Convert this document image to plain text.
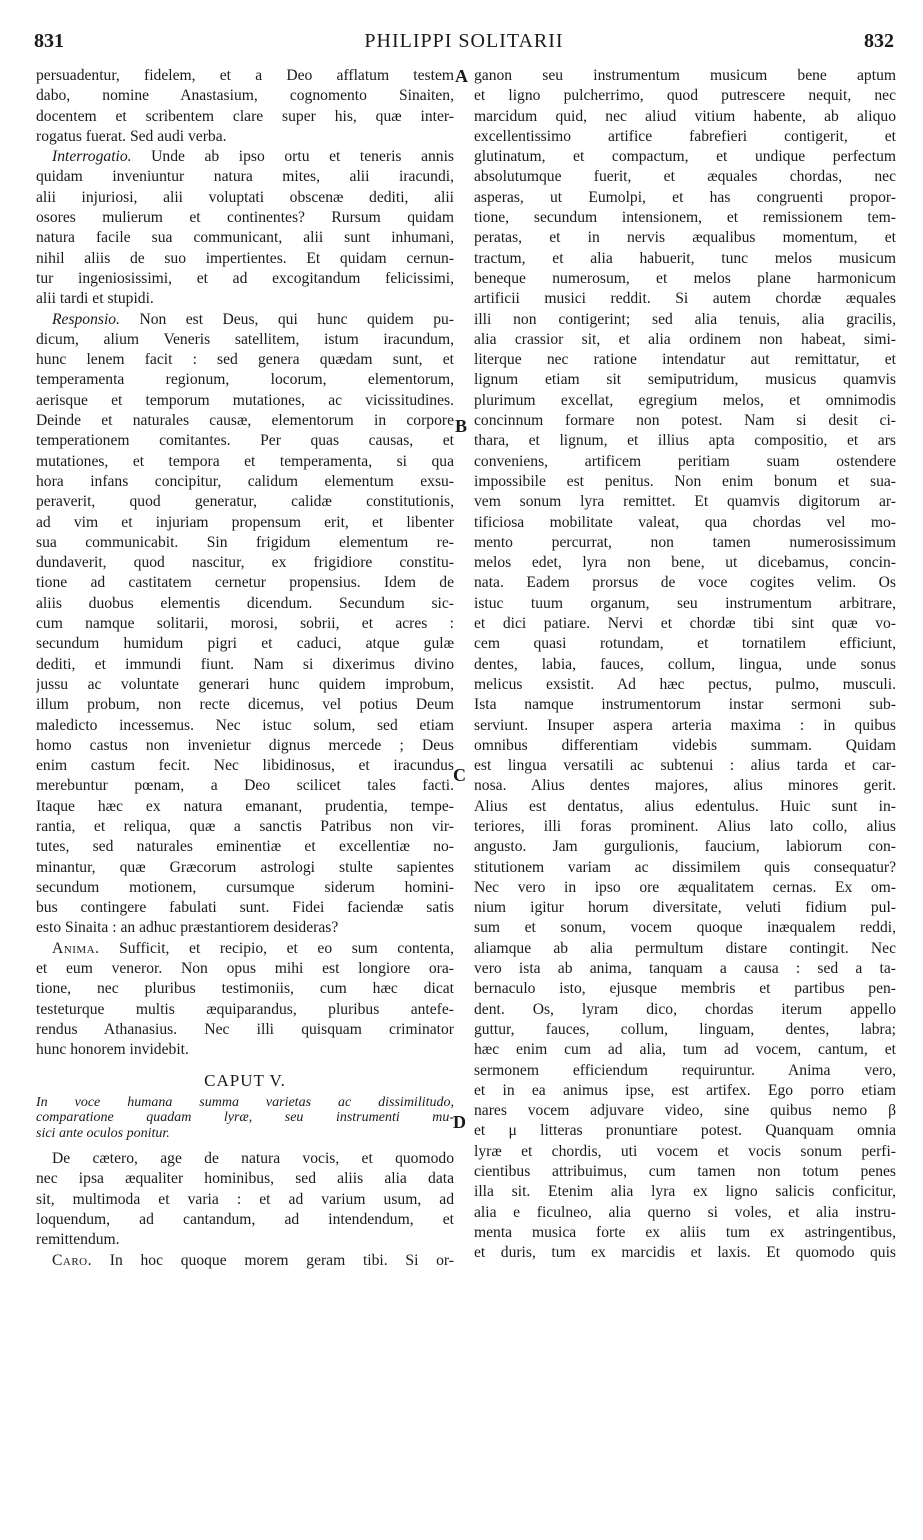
831	PHILIPPI SOLITARII	832
A
B
C
D
persuadentur, fidelem, et a Deo afflatum testem
dabo, nomine Anastasium, cognomento Sinaiten,
docentem et scribentem clare super his, quæ inter-
rogatus fuerat. Sed audi verba.
Interrogatio. Unde ab ipso ortu et teneris annis
quidam inveniuntur natura mites, alii iracundi,
alii injuriosi, alii voluptati obscenæ dediti, alii
osores mulierum et continentes? Rursum quidam
natura facile sua communicant, alii sunt inhumani,
nihil aliis de suo impertientes. Et quidam cernun-
tur ingeniosissimi, et ad excogitandum felicissimi,
alii tardi et stupidi.
Responsio. Non est Deus, qui hunc quidem pu-
dicum, alium Veneris satellitem, istum iracundum,
hunc lenem facit : sed genera quædam sunt, et
temperamenta regionum, locorum, elementorum,
aerisque et temporum mutationes, ac vicissitudines.
Deinde et naturales causæ, elementorum in corpore
temperationem comitantes. Per quas causas, et
mutationes, et tempora et temperamenta, si qua
hora infans concipitur, calidum elementum exsu-
peraverit, quod generatur, calidæ constitutionis,
ad vim et injuriam propensum erit, et libenter
sua communicabit. Sin frigidum elementum re-
dundaverit, quod nascitur, ex frigidiore constitu-
tione ad castitatem cernetur propensius. Idem de
aliis duobus elementis dicendum. Secundum sic-
cum namque solitarii, morosi, sobrii, et acres :
secundum humidum pigri et caduci, atque gulæ
dediti, et immundi fiunt. Nam si dixerimus divino
jussu ac voluntate generari hunc quidem improbum,
illum probum, non recte dicemus, vel potius Deum
maledicto incessemus. Nec istuc solum, sed etiam
homo castus non invenietur dignus mercede ; Deus
enim castum fecit. Nec libidinosus, et iracundus
merebuntur pœnam, a Deo scilicet tales facti.
Itaque hæc ex natura emanant, prudentia, tempe-
rantia, et reliqua, quæ a sanctis Patribus non vir-
tutes, sed naturales eminentiæ et excellentiæ no-
minantur, quæ Græcorum astrologi stulte sapientes
secundum motionem, cursumque siderum homini-
bus contingere fabulati sunt. Fidei faciendæ satis
esto Sinaita : an adhuc præstantiorem desideras?
Anima. Sufficit, et recipio, et eo sum contenta,
et eum veneror. Non opus mihi est longiore ora-
tione, nec pluribus testimoniis, cum hæc dicat
testeturque multis æquiparandus, pluribus antefe-
rendus Athanasius. Nec illi quisquam criminator
hunc honorem invidebit.
CAPUT V.
In voce humana summa varietas ac dissimilitudo,
comparatione quadam lyræ, seu instrumenti mu-
sici ante oculos ponitur.
De cætero, age de natura vocis, et quomodo
nec ipsa æqualiter hominibus, sed aliis alia data
sit, multimoda et varia : et ad varium usum, ad
loquendum, ad cantandum, ad intendendum, et
remittendum.
Caro. In hoc quoque morem geram tibi. Si or-
ganon seu instrumentum musicum bene aptum
et ligno pulcherrimo, quod putrescere nequit, nec
marcidum quid, nec aliud vitium habente, ab aliquo
excellentissimo artifice fabrefieri contigerit, et
glutinatum, et compactum, et undique perfectum
absolutumque fuerit, et æquales chordas, nec
asperas, ut Eumolpi, et has congruenti propor-
tione, secundum intensionem, et remissionem tem-
peratas, et in nervis æqualibus momentum, et
tractum, et alia habuerit, tunc melos musicum
beneque numerosum, et melos plane harmonicum
artificii musici reddit. Si autem chordæ æquales
illi non contigerint; sed alia tenuis, alia gracilis,
alia crassior sit, et alia ordinem non habeat, simi-
literque nec ratione intendatur aut remittatur, et
lignum etiam sit semiputridum, musicus quamvis
plurimum excellat, egregium melos, et omnimodis
concinnum formare non potest. Nam si desit ci-
thara, et lignum, et illius apta compositio, et ars
conveniens, artificem peritiam suam ostendere
impossibile est penitus. Non enim bonum et sua-
vem sonum lyra remittet. Et quamvis digitorum ar-
tificiosa mobilitate valeat, qua chordas vel mo-
mento percurrat, non tamen numerosissimum
melos edet, lyra non bene, ut dicebamus, concin-
nata. Eadem prorsus de voce cogites velim. Os
istuc tuum organum, seu instrumentum arbitrare,
et dici patiare. Nervi et chordæ tibi sint quæ vo-
cem quasi rotundam, et tornatilem efficiunt,
dentes, labia, fauces, collum, lingua, unde sonus
melicus exsistit. Ad hæc pectus, pulmo, musculi.
Ista namque instrumentorum instar sermoni sub-
serviunt. Insuper aspera arteria maxima : in quibus
omnibus differentiam videbis summam. Quidam
est lingua versatili ac subtenui : alius tarda et car-
nosa. Alius dentes majores, alius minores gerit.
Alius est dentatus, alius edentulus. Huic sunt in-
teriores, illi foras prominent. Alius lato collo, alius
angusto. Jam gurgulionis, faucium, labiorum con-
stitutionem variam ac dissimilem quis consequatur?
Nec vero in ipso ore æqualitatem cernas. Ex om-
nium igitur horum diversitate, veluti fidium pul-
sum et sonum, vocem quoque inæqualem reddi,
aliamque ab alia permultum distare contingit. Nec
vero ista ab anima, tanquam a causa : sed a ta-
bernaculo isto, ejusque membris et partibus pen-
dent. Os, lyram dico, chordas iterum appello
guttur, fauces, collum, linguam, dentes, labra;
hæc enim cum ad alia, tum ad vocem, cantum, et
sermonem efficiendum requiruntur. Anima vero,
et in ea animus ipse, est artifex. Ego porro etiam
nares vocem adjuvare video, sine quibus nemo β
et μ litteras pronuntiare potest. Quanquam omnia
lyræ et chordis, uti vocem et vocis sonum perfi-
cientibus attribuimus, cum tamen non totum penes
illa sit. Etenim alia lyra ex ligno salicis conficitur,
alia e ficulneo, alia querno si voles, et alia instru-
menta musica forte ex aliis tum ex astringentibus,
et duris, tum ex marcidis et laxis. Et quomodo quis
